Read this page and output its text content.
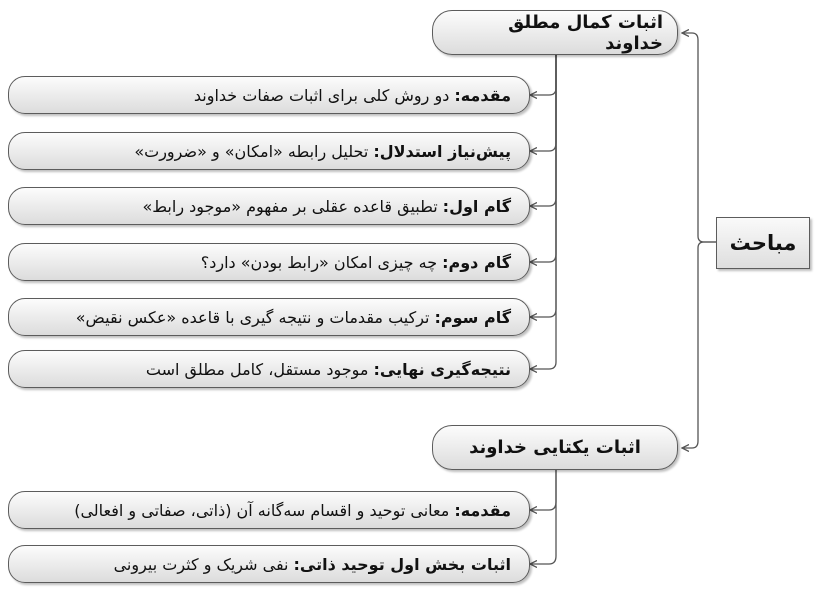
مباحث
اثبات کمال مطلق خداوند
اثبات یکتایی خداوند
مقدمه:
دو روش کلی برای اثبات صفات خداوند
پیش‌نیاز استدلال:
تحلیل رابطه «امکان» و «ضرورت»
گام اول:
تطبیق قاعده عقلی بر مفهوم «موجود رابط»
گام دوم:
چه چیزی امکان «رابط بودن» دارد؟
گام سوم:
ترکیب مقدمات و نتیجه گیری با قاعده «عکس نقیض»
نتیجه‌گیری نهایی:
موجود مستقل، کامل مطلق است
مقدمه:
معانی توحید و اقسام سه‌گانه آن (ذاتی، صفاتی و افعالی)
اثبات بخش اول توحید ذاتی:
نفی شریک و کثرت بیرونی
